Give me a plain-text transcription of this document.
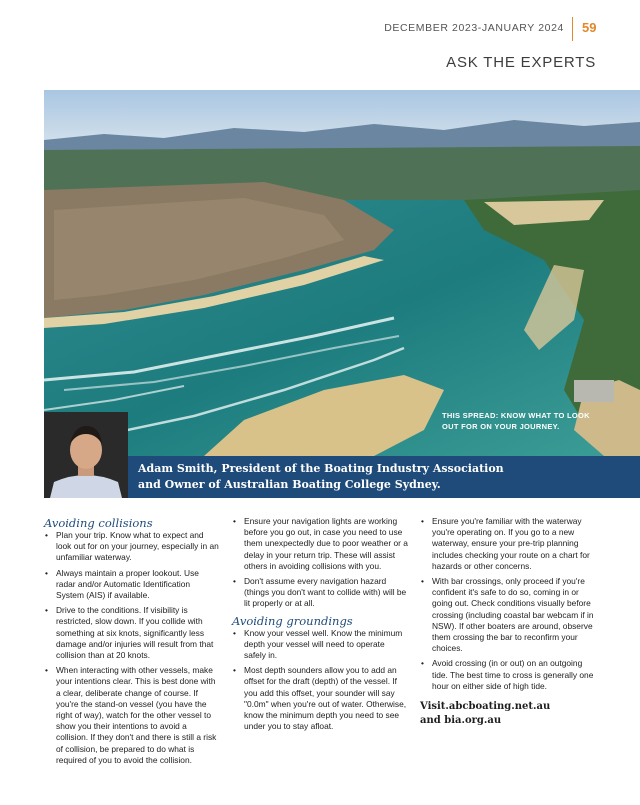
DECEMBER 2023-JANUARY 2024 59
ASK THE EXPERTS
THIS SPREAD: KNOW WHAT TO LOOK OUT FOR ON YOUR JOURNEY.
Adam Smith, President of the Boating Industry Association
and Owner of Australian Boating College Sydney.
Avoiding collisions
• Plan your trip. Know what to expect and look out for on your journey, especially in an unfamiliar waterway.
• Always maintain a proper lookout. Use radar and/or Automatic Identification System (AIS) if available.
• Drive to the conditions. If visibility is restricted, slow down. If you collide with something at six knots, significantly less damage and/or injuries will result from that collision than at 20 knots.
• When interacting with other vessels, make your intentions clear. This is best done with a clear, deliberate change of course. If you're the stand-on vessel (you have the right of way), watch for the other vessel to show you their intentions to avoid a collision. If they don't and there is still a risk of collision, be prepared to do what is required of you to avoid the collision.
• Ensure your navigation lights are working before you go out, in case you need to use them unexpectedly due to poor weather or a delay in your return trip. These will assist others in avoiding collisions with you.
• Don't assume every navigation hazard (things you don't want to collide with) will be lit properly or at all.
Avoiding groundings
• Know your vessel well. Know the minimum depth your vessel will need to operate safely in.
• Most depth sounders allow you to add an offset for the draft (depth) of the vessel. If you add this offset, your sounder will say "0.0m" when you're out of water. Otherwise, know the minimum depth you need to see under you to stay afloat.
• Ensure you're familiar with the waterway you're operating on. If you go to a new waterway, ensure your pre-trip planning includes checking your route on a chart for hazards or other concerns.
• With bar crossings, only proceed if you're confident it's safe to do so, coming in or going out. Check conditions visually before crossing (including coastal bar webcam if in NSW). If other boaters are around, observe them crossing the bar to reconfirm your choices.
• Avoid crossing (in or out) on an outgoing tide. The best time to cross is generally one hour on either side of high tide.
Visit.abcboating.net.au
and bia.org.au
